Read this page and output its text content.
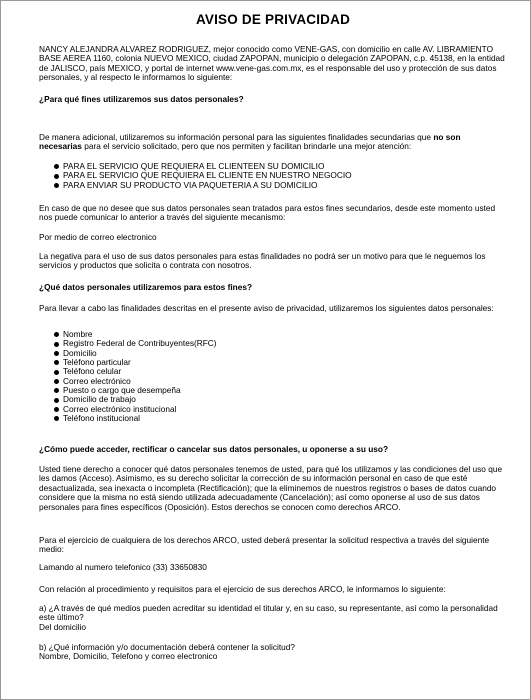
AVISO DE PRIVACIDAD
NANCY ALEJANDRA ALVAREZ RODRIGUEZ, mejor conocido como VENE-GAS, con domicilio en calle AV. LIBRAMIENTO BASE AEREA 1160, colonia NUEVO MEXICO, ciudad ZAPOPAN, municipio o delegación ZAPOPAN, c.p. 45138, en la entidad de JALISCO, país MEXICO, y portal de internet www.vene-gas.com.mx, es el responsable del uso y protección de sus datos personales, y al respecto le informamos lo siguiente:
¿Para qué fines utilizaremos sus datos personales?
De manera adicional, utilizaremos su información personal para las siguientes finalidades secundarias que no son necesarias para el servicio solicitado, pero que nos permiten y facilitan brindarle una mejor atención:
PARA EL SERVICIO QUE REQUIERA EL CLIENTEEN SU DOMICILIO
PARA EL SERVICIO QUE REQUIERA EL CLIENTE EN NUESTRO NEGOCIO
PARA ENVIAR SU PRODUCTO VIA PAQUETERIA A SU DOMICILIO
En caso de que no desee que sus datos personales sean tratados para estos fines secundarios, desde este momento usted nos puede comunicar lo anterior a través del siguiente mecanismo:
Por medio de correo electronico
La negativa para el uso de sus datos personales para estas finalidades no podrá ser un motivo para que le neguemos los servicios y productos que solicita o contrata con nosotros.
¿Qué datos personales utilizaremos para estos fines?
Para llevar a cabo las finalidades descritas en el presente aviso de privacidad, utilizaremos los siguientes datos personales:
Nombre
Registro Federal de Contribuyentes(RFC)
Domicilio
Teléfono particular
Teléfono celular
Correo electrónico
Puesto o cargo que desempeña
Domicilio de trabajo
Correo electrónico institucional
Teléfono institucional
¿Cómo puede acceder, rectificar o cancelar sus datos personales, u oponerse a su uso?
Usted tiene derecho a conocer qué datos personales tenemos de usted, para qué los utilizamos y las condiciones del uso que les damos (Acceso). Asimismo, es su derecho solicitar la corrección de su información personal en caso de que esté desactualizada, sea inexacta o incompleta (Rectificación); que la eliminemos de nuestros registros o bases de datos cuando considere que la misma no está siendo utilizada adecuadamente (Cancelación); así como oponerse al uso de sus datos personales para fines específicos (Oposición). Estos derechos se conocen como derechos ARCO.
Para el ejercicio de cualquiera de los derechos ARCO, usted deberá presentar la solicitud respectiva a través del siguiente medio:
Lamando al numero telefonico (33) 33650830
Con relación al procedimiento y requisitos para el ejercicio de sus derechos ARCO, le informamos lo siguiente:
a) ¿A través de qué medios pueden acreditar su identidad el titular y, en su caso, su representante, así como la personalidad este último?
Del domicilio
b) ¿Qué información y/o documentación deberá contener la solicitud?
Nombre, Domicilio, Telefono y correo electronico
